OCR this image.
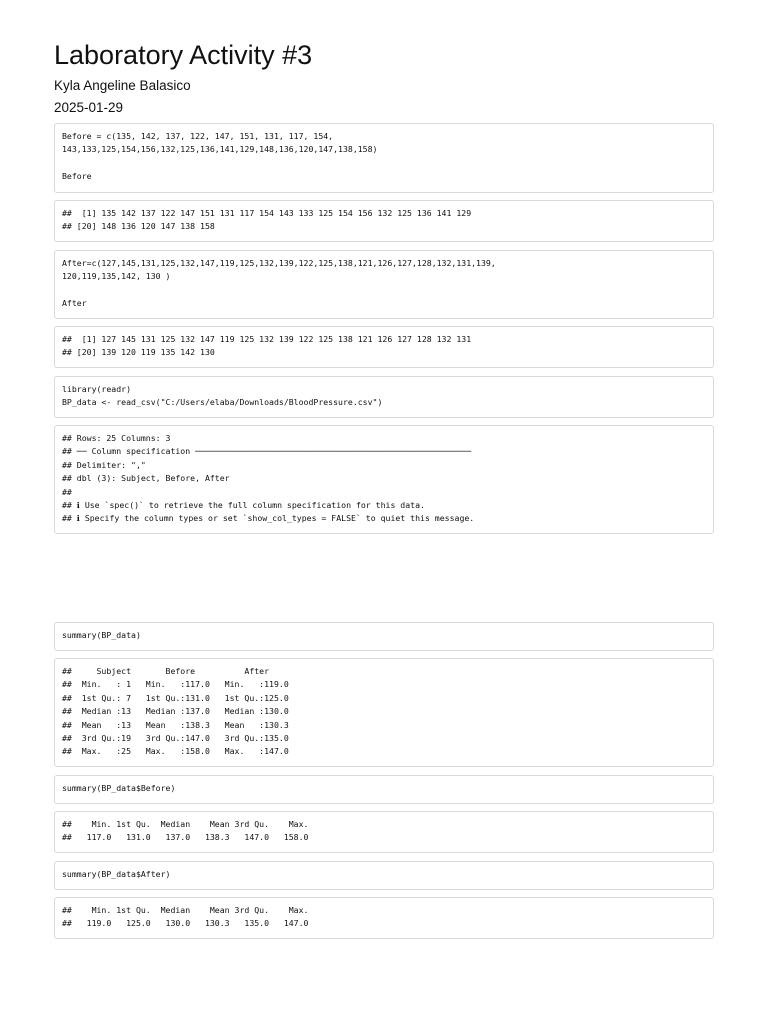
Laboratory Activity #3
Kyla Angeline Balasico
2025-01-29
Before = c(135, 142, 137, 122, 147, 151, 131, 117, 154,
143,133,125,154,156,132,125,136,141,129,148,136,120,147,138,158)

Before
##  [1] 135 142 137 122 147 151 131 117 154 143 133 125 154 156 132 125 136 141 129
## [20] 148 136 120 147 138 158
After=c(127,145,131,125,132,147,119,125,132,139,122,125,138,121,126,127,128,132,131,139,
120,119,135,142, 130 )

After
##  [1] 127 145 131 125 132 147 119 125 132 139 122 125 138 121 126 127 128 132 131
## [20] 139 120 119 135 142 130
library(readr)
BP_data <- read_csv("C:/Users/elaba/Downloads/BloodPressure.csv")
## Rows: 25 Columns: 3
## ── Column specification ────────────────────────────────────────────────────────
## Delimiter: ","
## dbl (3): Subject, Before, After
##
## ℹ Use `spec()` to retrieve the full column specification for this data.
## ℹ Specify the column types or set `show_col_types = FALSE` to quiet this message.
summary(BP_data)
##     Subject       Before          After
##  Min.   : 1   Min.   :117.0   Min.   :119.0
##  1st Qu.: 7   1st Qu.:131.0   1st Qu.:125.0
##  Median :13   Median :137.0   Median :130.0
##  Mean   :13   Mean   :138.3   Mean   :130.3
##  3rd Qu.:19   3rd Qu.:147.0   3rd Qu.:135.0
##  Max.   :25   Max.   :158.0   Max.   :147.0
summary(BP_data$Before)
##    Min. 1st Qu.  Median    Mean 3rd Qu.    Max.
##   117.0   131.0   137.0   138.3   147.0   158.0
summary(BP_data$After)
##    Min. 1st Qu.  Median    Mean 3rd Qu.    Max.
##   119.0   125.0   130.0   130.3   135.0   147.0
